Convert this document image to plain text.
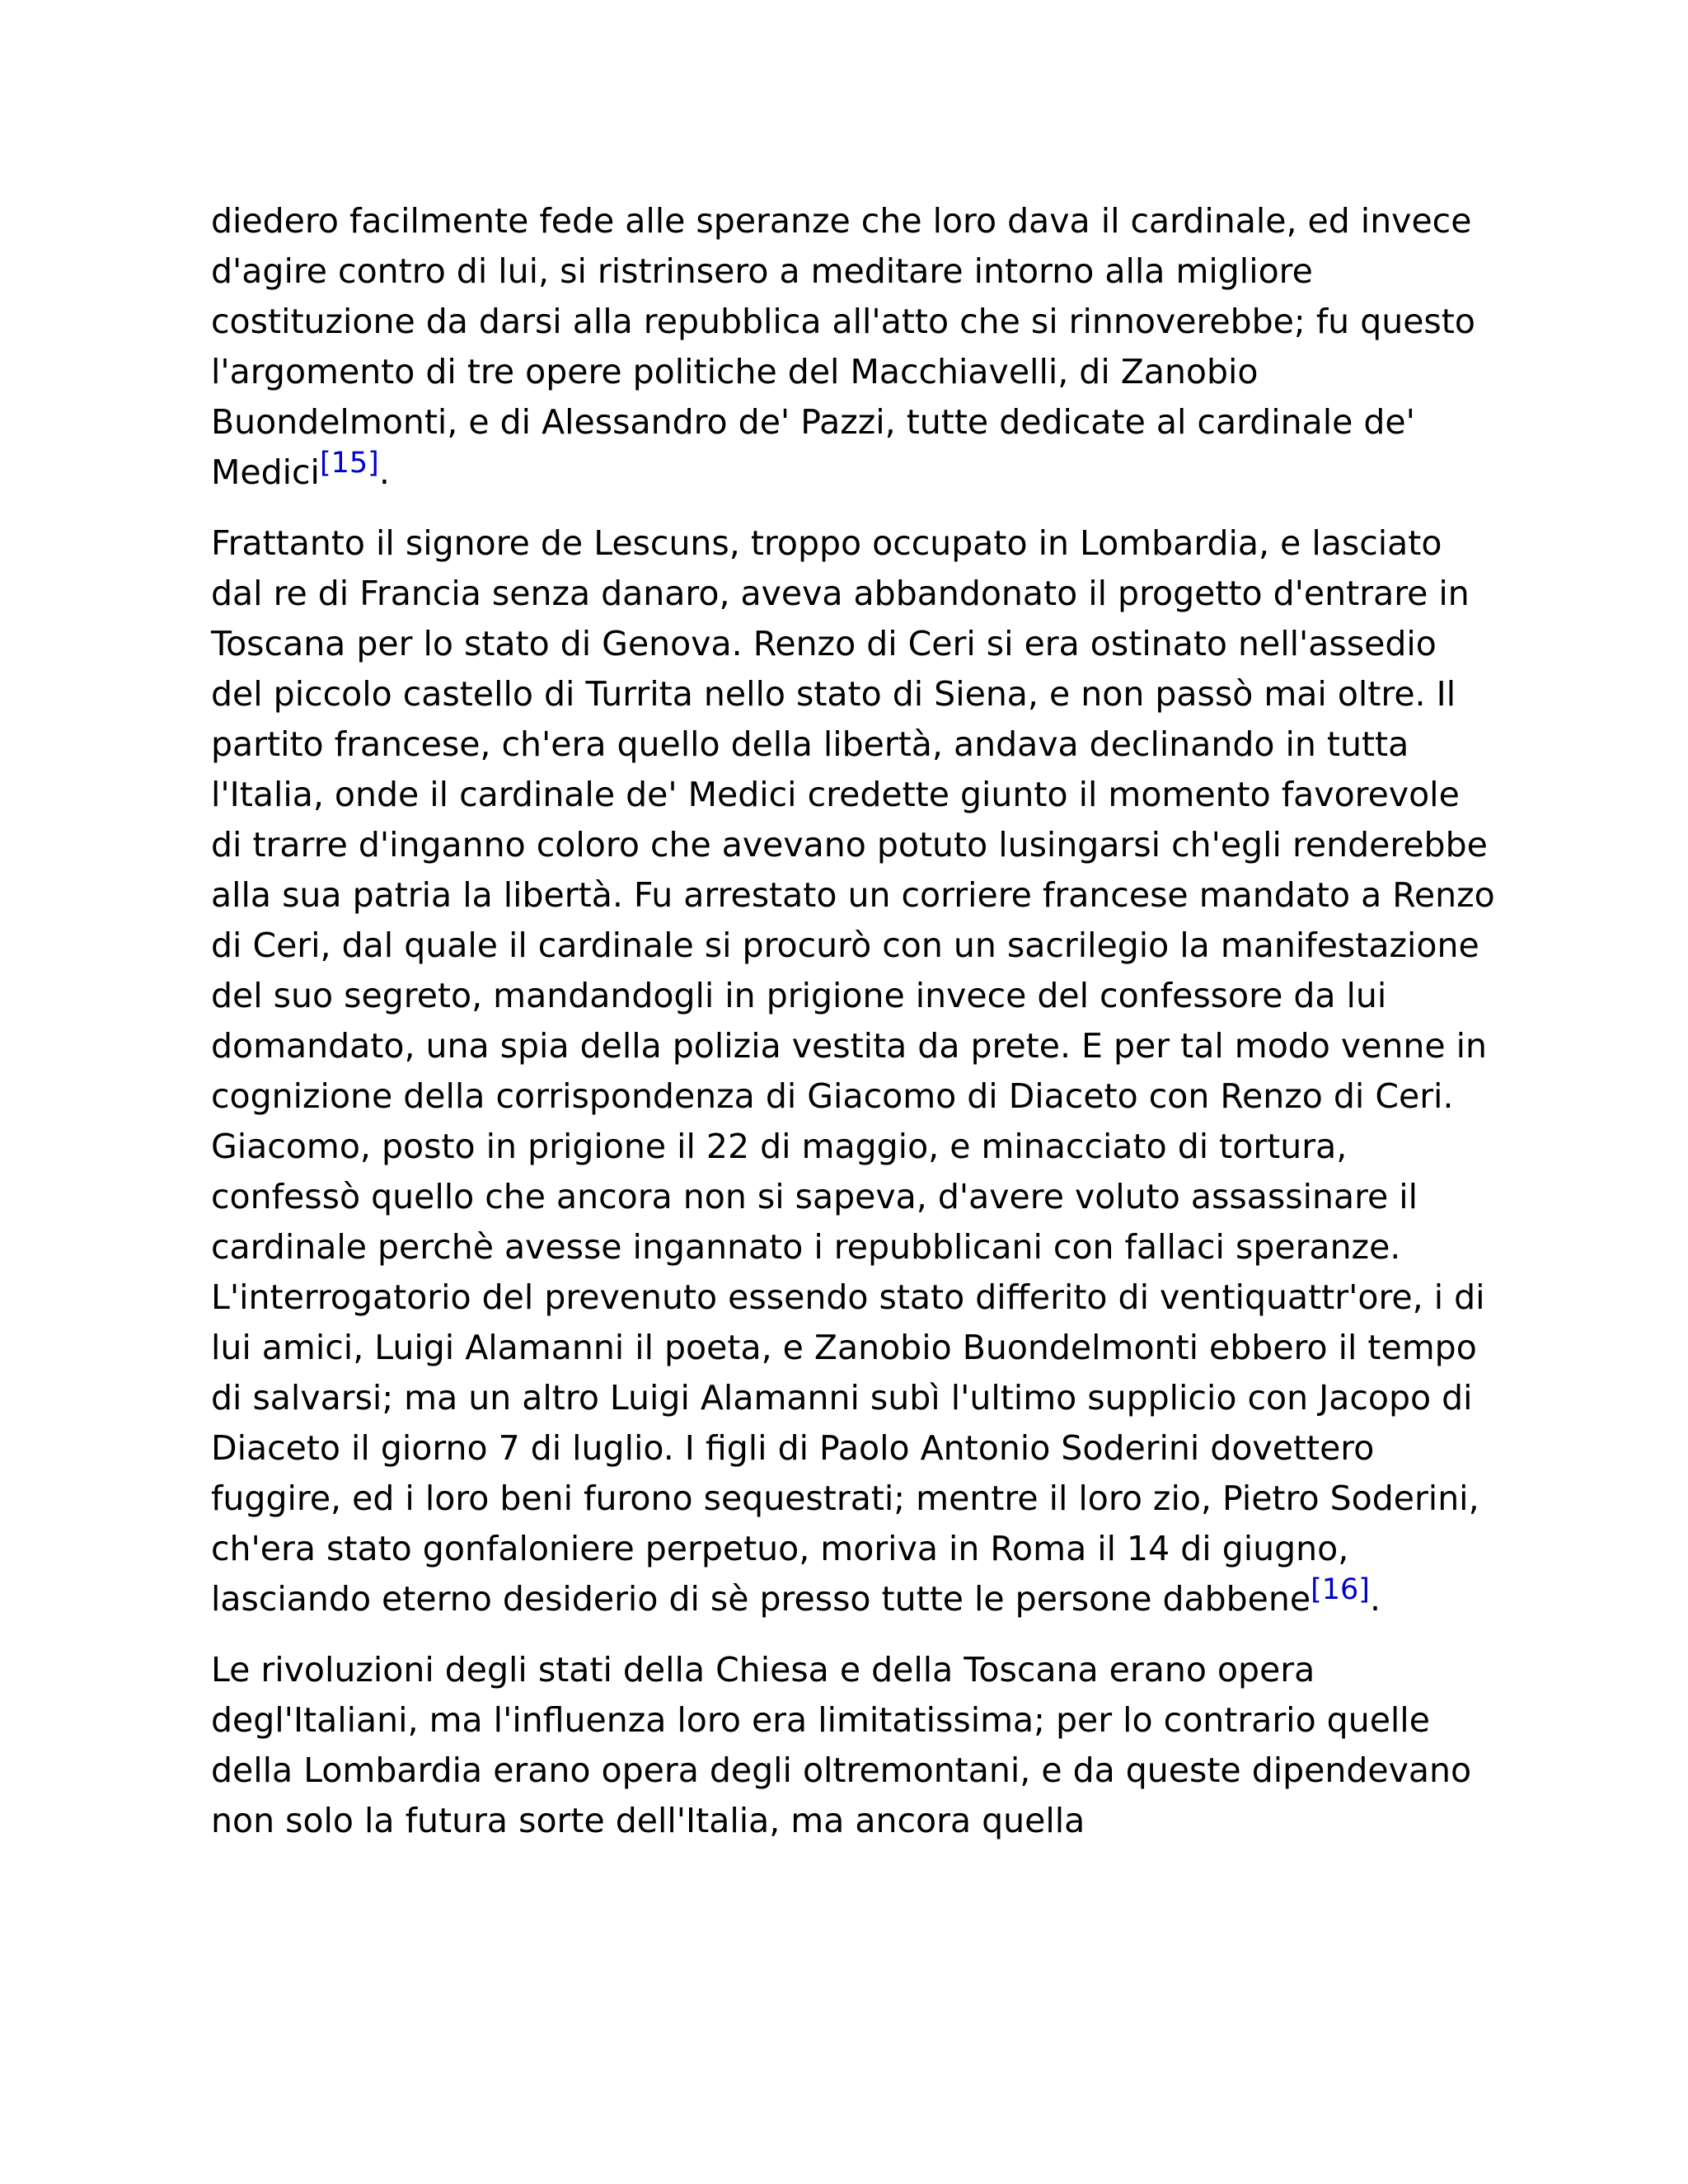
diedero facilmente fede alle speranze che loro dava il cardinale, ed invece d'agire contro di lui, si ristrinsero a meditare intorno alla migliore costituzione da darsi alla repubblica all'atto che si rinnoverebbe; fu questo l'argomento di tre opere politiche del Macchiavelli, di Zanobio Buondelmonti, e di Alessandro de' Pazzi, tutte dedicate al cardinale de' Medici[15].

Frattanto il signore de Lescuns, troppo occupato in Lombardia, e lasciato dal re di Francia senza danaro, aveva abbandonato il progetto d'entrare in Toscana per lo stato di Genova. Renzo di Ceri si era ostinato nell'assedio del piccolo castello di Turrita nello stato di Siena, e non passò mai oltre. Il partito francese, ch'era quello della libertà, andava declinando in tutta l'Italia, onde il cardinale de' Medici credette giunto il momento favorevole di trarre d'inganno coloro che avevano potuto lusingarsi ch'egli renderebbe alla sua patria la libertà. Fu arrestato un corriere francese mandato a Renzo di Ceri, dal quale il cardinale si procurò con un sacrilegio la manifestazione del suo segreto, mandandogli in prigione invece del confessore da lui domandato, una spia della polizia vestita da prete. E per tal modo venne in cognizione della corrispondenza di Giacomo di Diaceto con Renzo di Ceri. Giacomo, posto in prigione il 22 di maggio, e minacciato di tortura, confessò quello che ancora non si sapeva, d'avere voluto assassinare il cardinale perchè avesse ingannato i repubblicani con fallaci speranze. L'interrogatorio del prevenuto essendo stato differito di ventiquattr'ore, i di lui amici, Luigi Alamanni il poeta, e Zanobio Buondelmonti ebbero il tempo di salvarsi; ma un altro Luigi Alamanni subì l'ultimo supplicio con Jacopo di Diaceto il giorno 7 di luglio. I figli di Paolo Antonio Soderini dovettero fuggire, ed i loro beni furono sequestrati; mentre il loro zio, Pietro Soderini, ch'era stato gonfaloniere perpetuo, moriva in Roma il 14 di giugno, lasciando eterno desiderio di sè presso tutte le persone dabbene[16].

Le rivoluzioni degli stati della Chiesa e della Toscana erano opera degl'Italiani, ma l'influenza loro era limitatissima; per lo contrario quelle della Lombardia erano opera degli oltremontani, e da queste dipendevano non solo la futura sorte dell'Italia, ma ancora quella
